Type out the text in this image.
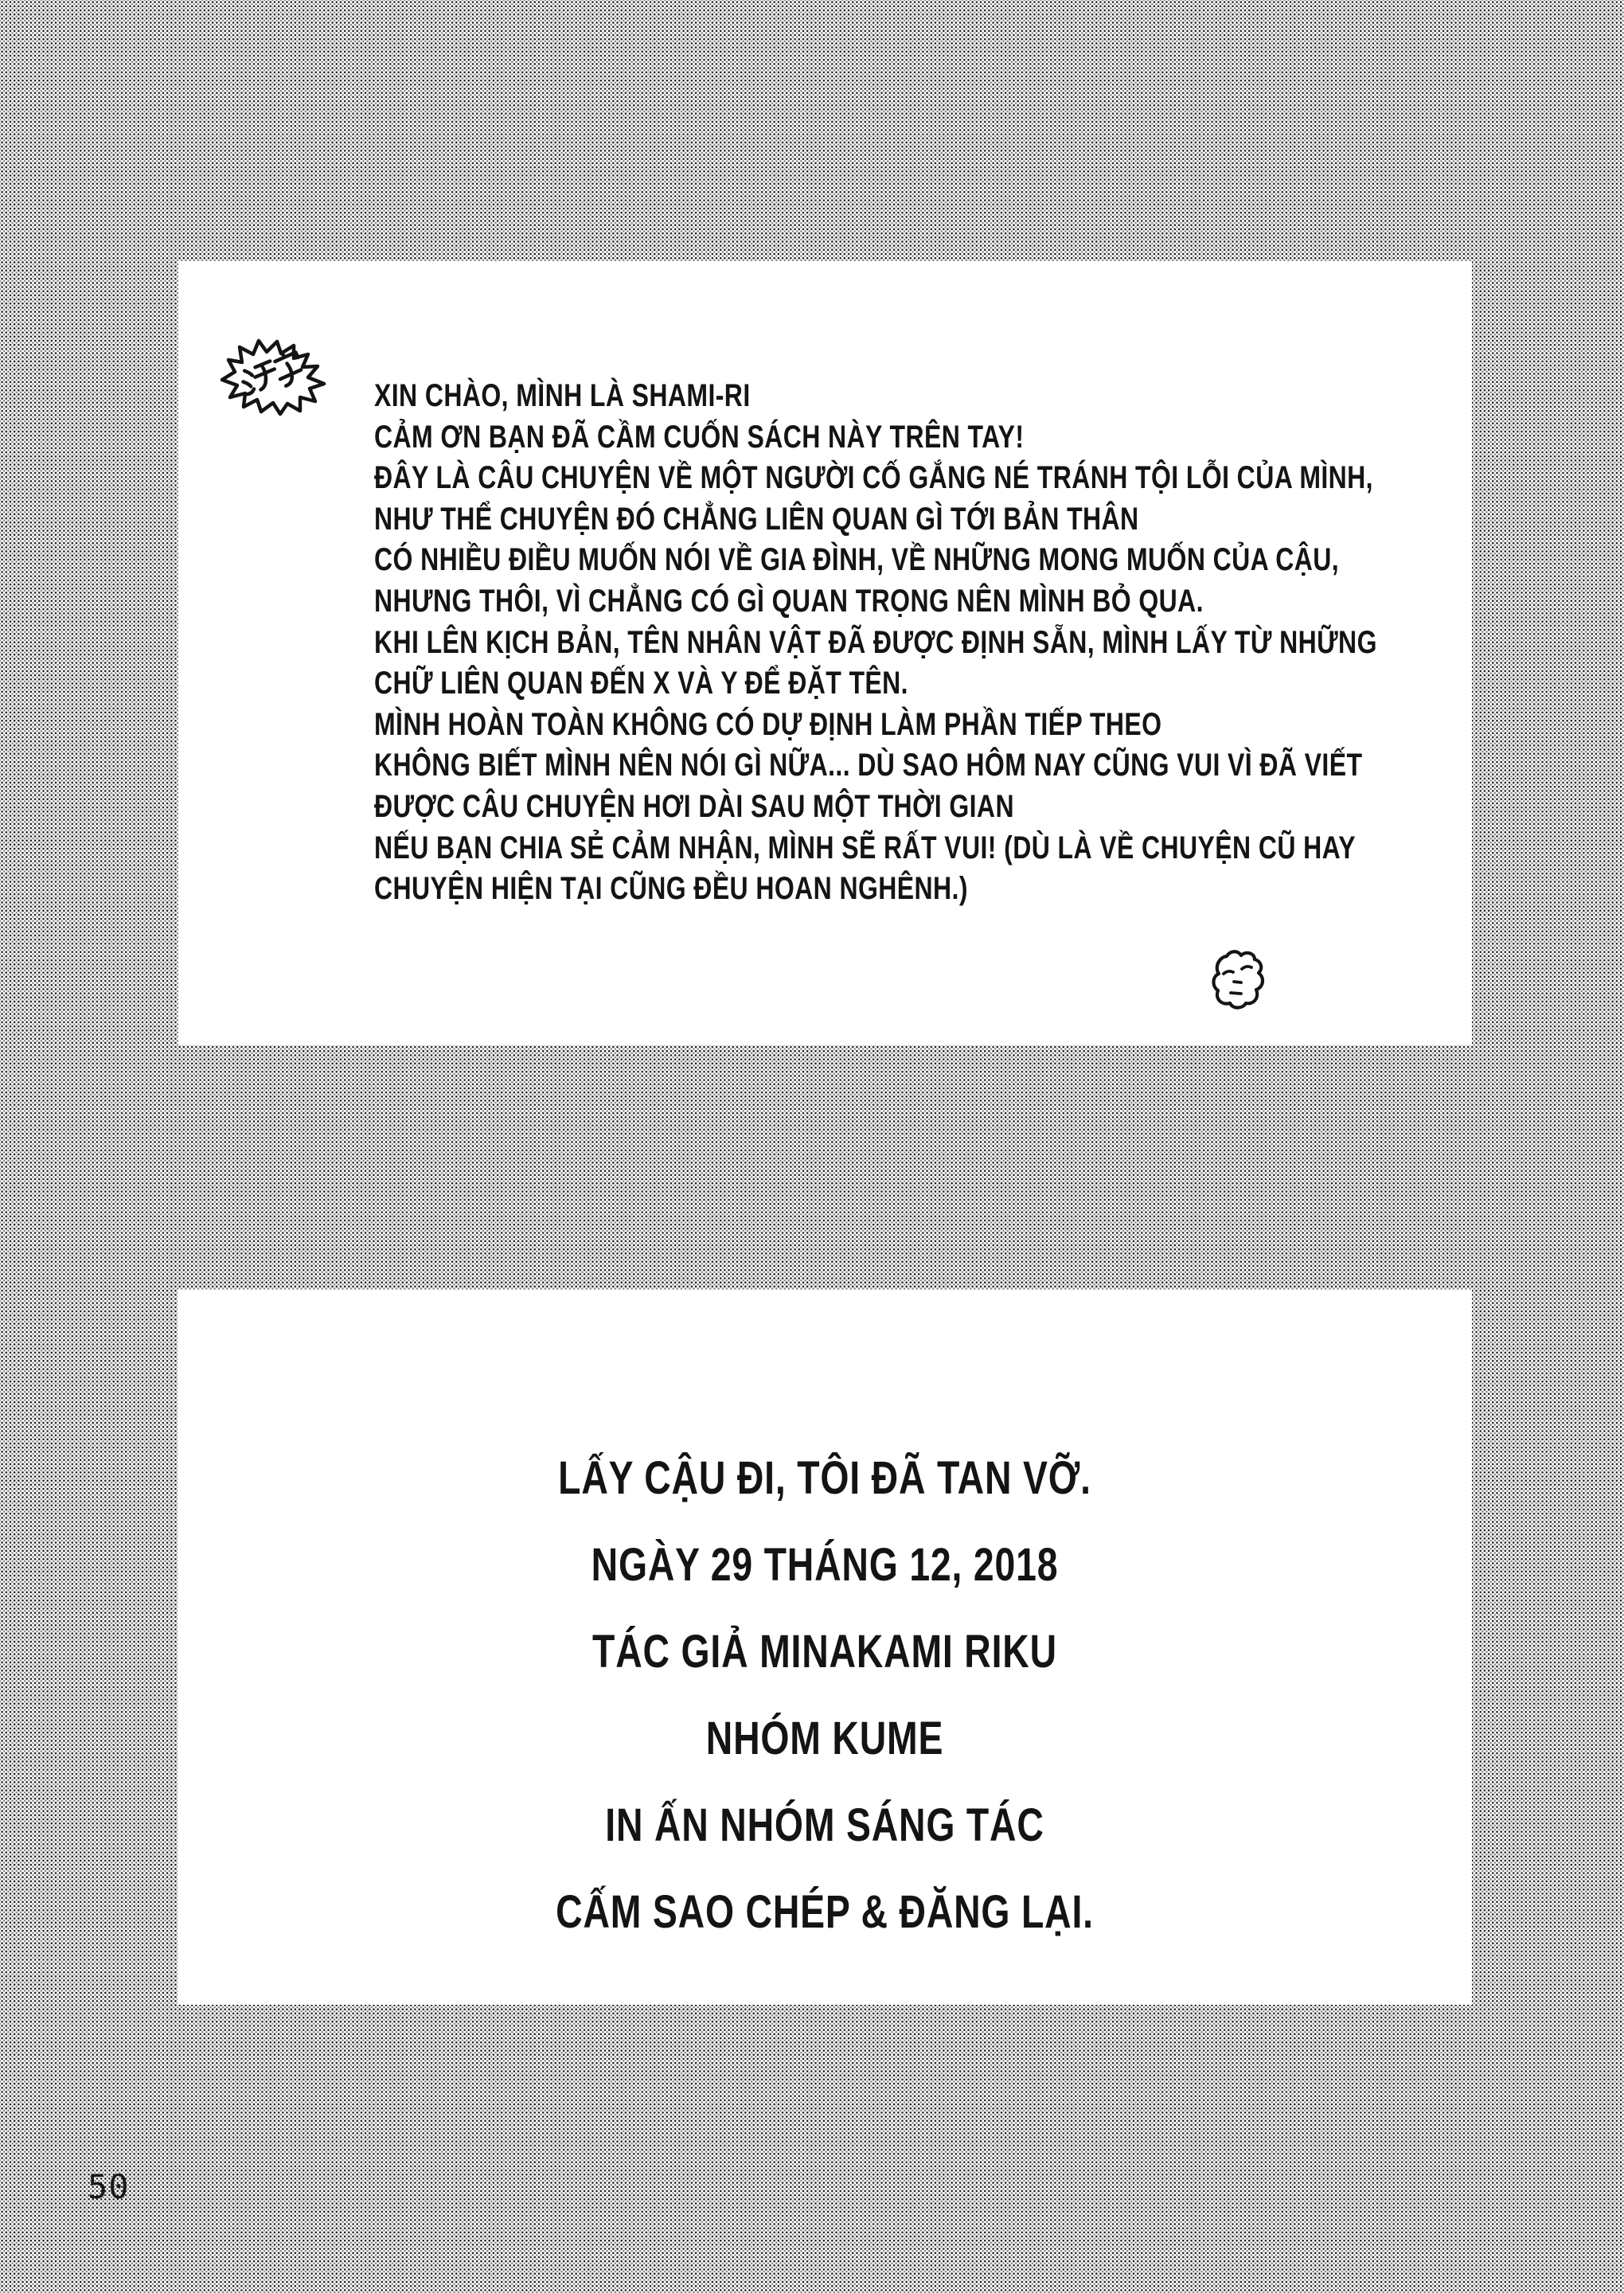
XIN CHÀO, MÌNH LÀ SHAMI-RI
CẢM ƠN BẠN ĐÃ CẦM CUỐN SÁCH NÀY TRÊN TAY!
ĐÂY LÀ CÂU CHUYỆN VỀ MỘT NGƯỜI CỐ GẮNG NÉ TRÁNH TỘI LỖI CỦA MÌNH,
NHƯ THỂ CHUYỆN ĐÓ CHẲNG LIÊN QUAN GÌ TỚI BẢN THÂN
CÓ NHIỀU ĐIỀU MUỐN NÓI VỀ GIA ĐÌNH, VỀ NHỮNG MONG MUỐN CỦA CẬU,
NHƯNG THÔI, VÌ CHẲNG CÓ GÌ QUAN TRỌNG NÊN MÌNH BỎ QUA.
KHI LÊN KỊCH BẢN, TÊN NHÂN VẬT ĐÃ ĐƯỢC ĐỊNH SẴN, MÌNH LẤY TỪ NHỮNG
CHỮ LIÊN QUAN ĐẾN X VÀ Y ĐỂ ĐẶT TÊN.
MÌNH HOÀN TOÀN KHÔNG CÓ DỰ ĐỊNH LÀM PHẦN TIẾP THEO
KHÔNG BIẾT MÌNH NÊN NÓI GÌ NỮA... DÙ SAO HÔM NAY CŨNG VUI VÌ ĐÃ VIẾT
ĐƯỢC CÂU CHUYỆN HƠI DÀI SAU MỘT THỜI GIAN
NẾU BẠN CHIA SẺ CẢM NHẬN, MÌNH SẼ RẤT VUI! (DÙ LÀ VỀ CHUYỆN CŨ HAY
CHUYỆN HIỆN TẠI CŨNG ĐỀU HOAN NGHÊNH.)
LẤY CẬU ĐI, TÔI ĐÃ TAN VỠ.
NGÀY 29 THÁNG 12, 2018
TÁC GIẢ MINAKAMI RIKU
NHÓM KUME
IN ẤN NHÓM SÁNG TÁC
CẤM SAO CHÉP & ĐĂNG LẠI.
50
